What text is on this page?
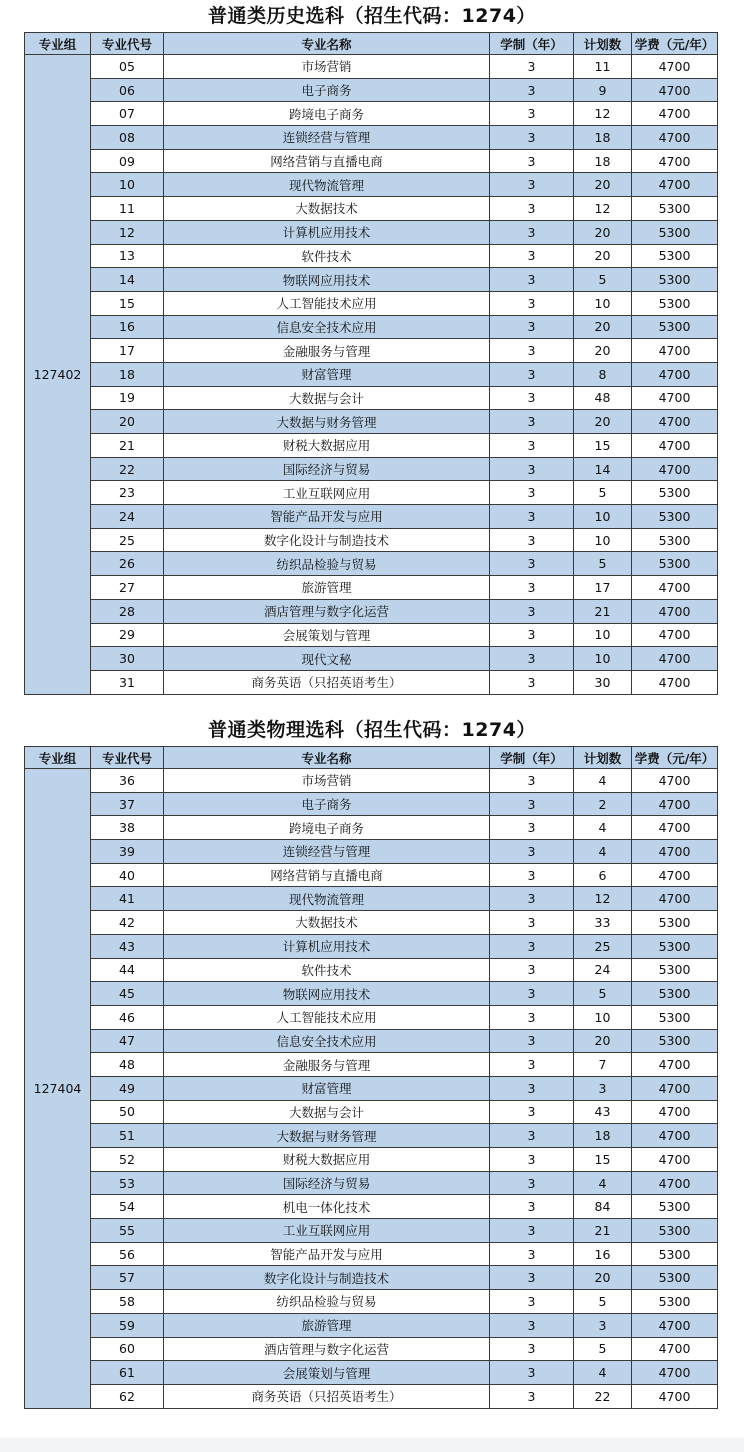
普通类历史选科（招生代码：1274）
专业组	专业代号	专业名称	学制（年）	计划数	学费（元/年）
127402	05	市场营销	3	11	4700
	06	电子商务	3	9	4700
	07	跨境电子商务	3	12	4700
	08	连锁经营与管理	3	18	4700
	09	网络营销与直播电商	3	18	4700
	10	现代物流管理	3	20	4700
	11	大数据技术	3	12	5300
	12	计算机应用技术	3	20	5300
	13	软件技术	3	20	5300
	14	物联网应用技术	3	5	5300
	15	人工智能技术应用	3	10	5300
	16	信息安全技术应用	3	20	5300
	17	金融服务与管理	3	20	4700
	18	财富管理	3	8	4700
	19	大数据与会计	3	48	4700
	20	大数据与财务管理	3	20	4700
	21	财税大数据应用	3	15	4700
	22	国际经济与贸易	3	14	4700
	23	工业互联网应用	3	5	5300
	24	智能产品开发与应用	3	10	5300
	25	数字化设计与制造技术	3	10	5300
	26	纺织品检验与贸易	3	5	5300
	27	旅游管理	3	17	4700
	28	酒店管理与数字化运营	3	21	4700
	29	会展策划与管理	3	10	4700
	30	现代文秘	3	10	4700
	31	商务英语（只招英语考生）	3	30	4700
普通类物理选科（招生代码：1274）
专业组	专业代号	专业名称	学制（年）	计划数	学费（元/年）
127404	36	市场营销	3	4	4700
	37	电子商务	3	2	4700
	38	跨境电子商务	3	4	4700
	39	连锁经营与管理	3	4	4700
	40	网络营销与直播电商	3	6	4700
	41	现代物流管理	3	12	4700
	42	大数据技术	3	33	5300
	43	计算机应用技术	3	25	5300
	44	软件技术	3	24	5300
	45	物联网应用技术	3	5	5300
	46	人工智能技术应用	3	10	5300
	47	信息安全技术应用	3	20	5300
	48	金融服务与管理	3	7	4700
	49	财富管理	3	3	4700
	50	大数据与会计	3	43	4700
	51	大数据与财务管理	3	18	4700
	52	财税大数据应用	3	15	4700
	53	国际经济与贸易	3	4	4700
	54	机电一体化技术	3	84	5300
	55	工业互联网应用	3	21	5300
	56	智能产品开发与应用	3	16	5300
	57	数字化设计与制造技术	3	20	5300
	58	纺织品检验与贸易	3	5	5300
	59	旅游管理	3	3	4700
	60	酒店管理与数字化运营	3	5	4700
	61	会展策划与管理	3	4	4700
	62	商务英语（只招英语考生）	3	22	4700
